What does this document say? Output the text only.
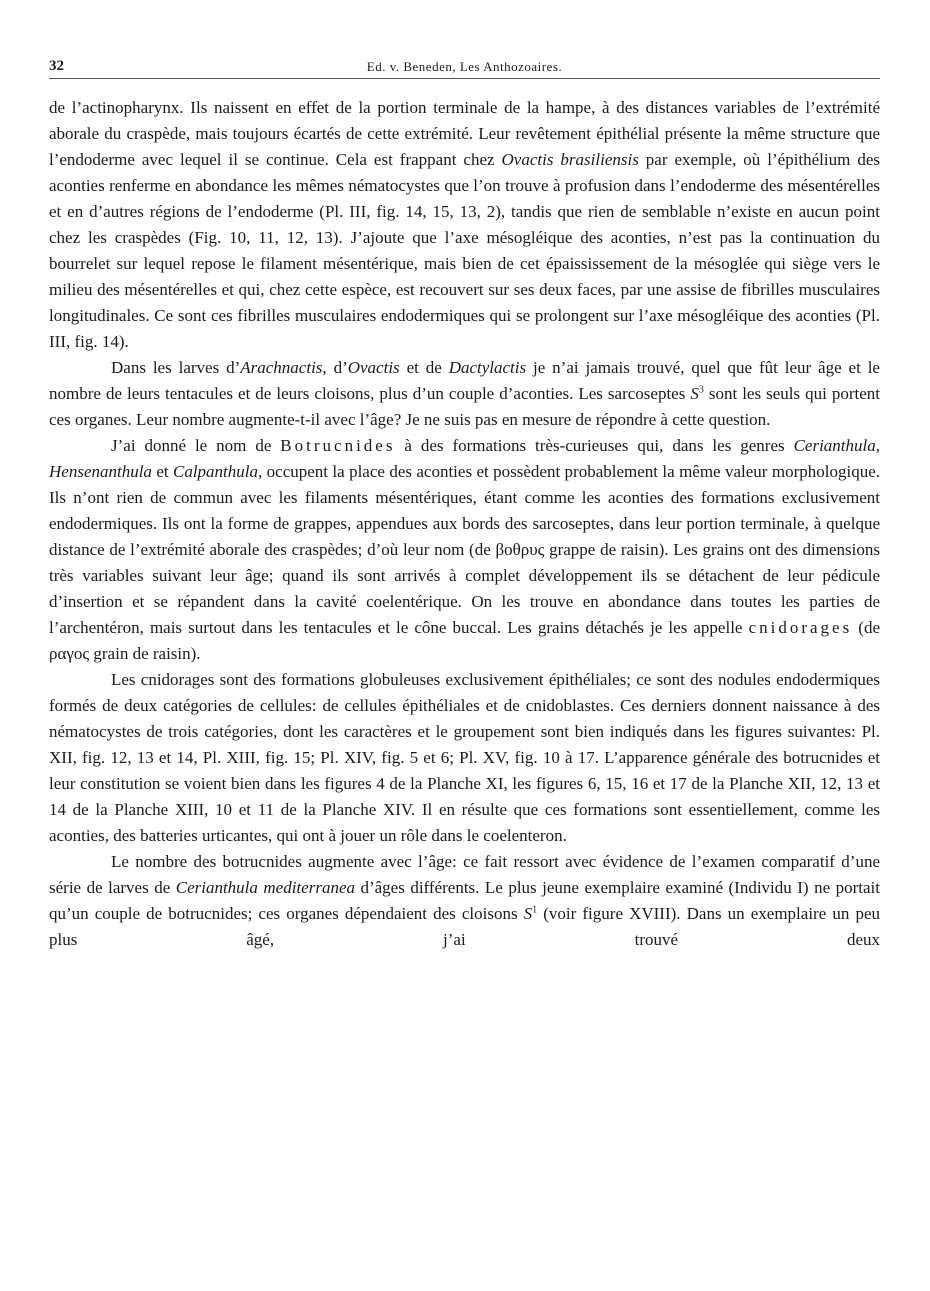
32	Ed. v. Beneden, Les Anthozoaires.

de l’actinopharynx. Ils naissent en effet de la portion terminale de la hampe, à des distances variables de l’extrémité aborale du craspède, mais toujours écartés de cette extrémité. Leur revêtement épithélial présente la même structure que l’endoderme avec lequel il se continue. Cela est frappant chez Ovactis brasiliensis par exemple, où l’épithélium des aconties renferme en abondance les mêmes nématocystes que l’on trouve à profusion dans l’endoderme des mésentérelles et en d’autres régions de l’endoderme (Pl. III, fig. 14, 15, 13, 2), tandis que rien de semblable n’existe en aucun point chez les craspèdes (Fig. 10, 11, 12, 13). J’ajoute que l’axe mésogléique des aconties, n’est pas la continuation du bourrelet sur lequel repose le filament mésentérique, mais bien de cet épaississement de la mésoglée qui siège vers le milieu des mésentérelles et qui, chez cette espèce, est recouvert sur ses deux faces, par une assise de fibrilles musculaires longitudinales. Ce sont ces fibrilles musculaires endodermiques qui se prolongent sur l’axe mésogléique des aconties (Pl. III, fig. 14).

Dans les larves d’Arachnactis, d’Ovactis et de Dactylactis je n’ai jamais trouvé, quel que fût leur âge et le nombre de leurs tentacules et de leurs cloisons, plus d’un couple d’aconties. Les sarcoseptes $S^3$ sont les seuls qui portent ces organes. Leur nombre augmente-t-il avec l’âge? Je ne suis pas en mesure de répondre à cette question.

J’ai donné le nom de Botrucnides à des formations très-curieuses qui, dans les genres Cerianthula, Hensenanthula et Calpanthula, occupent la place des aconties et possèdent probablement la même valeur morphologique. Ils n’ont rien de commun avec les filaments mésentériques, étant comme les aconties des formations exclusivement endodermiques. Ils ont la forme de grappes, appendues aux bords des sarcoseptes, dans leur portion terminale, à quelque distance de l’extrémité aborale des craspèdes; d’où leur nom (de βοθρυς grappe de raisin). Les grains ont des dimensions très variables suivant leur âge; quand ils sont arrivés à complet développement ils se détachent de leur pédicule d’insertion et se répandent dans la cavité coelentérique. On les trouve en abondance dans toutes les parties de l’archentéron, mais surtout dans les tentacules et le cône buccal. Les grains détachés je les appelle cnidorages (de ραγος grain de raisin).

Les cnidorages sont des formations globuleuses exclusivement épithéliales; ce sont des nodules endodermiques formés de deux catégories de cellules: de cellules épithéliales et de cnidoblastes. Ces derniers donnent naissance à des nématocystes de trois catégories, dont les caractères et le groupement sont bien indiqués dans les figures suivantes: Pl. XII, fig. 12, 13 et 14, Pl. XIII, fig. 15; Pl. XIV, fig. 5 et 6; Pl. XV, fig. 10 à 17. L’apparence générale des botrucnides et leur constitution se voient bien dans les figures 4 de la Planche XI, les figures 6, 15, 16 et 17 de la Planche XII, 12, 13 et 14 de la Planche XIII, 10 et 11 de la Planche XIV. Il en résulte que ces formations sont essentiellement, comme les aconties, des batteries urticantes, qui ont à jouer un rôle dans le coelenteron.

Le nombre des botrucnides augmente avec l’âge: ce fait ressort avec évidence de l’examen comparatif d’une série de larves de Cerianthula mediterranea d’âges différents. Le plus jeune exemplaire examiné (Individu I) ne portait qu’un couple de botrucnides; ces organes dépendaient des cloisons $S^1$ (voir figure XVIII). Dans un exemplaire un peu plus âgé, j’ai trouvé deux
